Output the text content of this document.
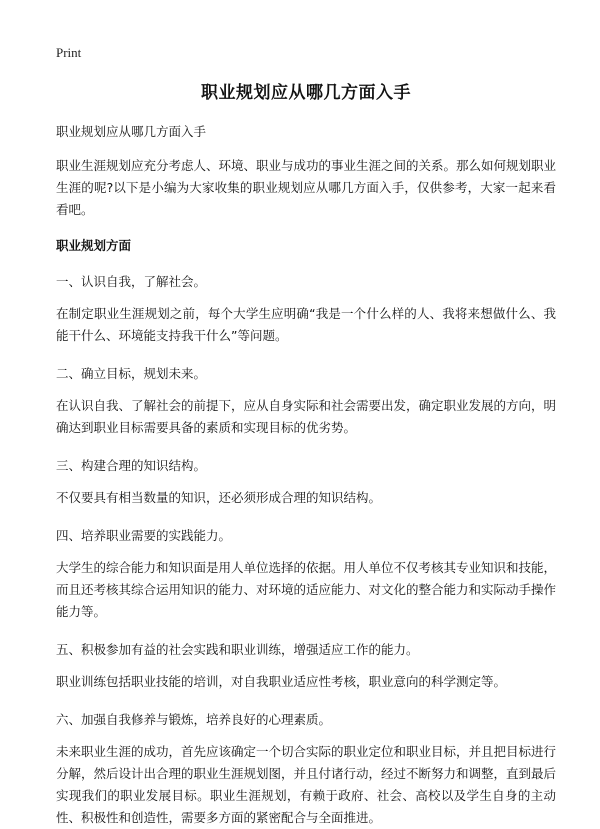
Print
职业规划应从哪几方面入手

职业规划应从哪几方面入手

职业生涯规划应充分考虑人、环境、职业与成功的事业生涯之间的关系。那么如何规划职业生涯的呢?以下是小编为大家收集的职业规划应从哪几方面入手，仅供参考，大家一起来看看吧。

职业规划方面

一、认识自我，了解社会。

在制定职业生涯规划之前，每个大学生应明确“我是一个什么样的人、我将来想做什么、我能干什么、环境能支持我干什么”等问题。

二、确立目标，规划未来。

在认识自我、了解社会的前提下，应从自身实际和社会需要出发，确定职业发展的方向，明确达到职业目标需要具备的素质和实现目标的优劣势。

三、构建合理的知识结构。

不仅要具有相当数量的知识，还必须形成合理的知识结构。

四、培养职业需要的实践能力。

大学生的综合能力和知识面是用人单位选择的依据。用人单位不仅考核其专业知识和技能，而且还考核其综合运用知识的能力、对环境的适应能力、对文化的整合能力和实际动手操作能力等。

五、积极参加有益的社会实践和职业训练，增强适应工作的能力。

职业训练包括职业技能的培训，对自我职业适应性考核，职业意向的科学测定等。

六、加强自我修养与锻炼，培养良好的心理素质。

未来职业生涯的成功，首先应该确定一个切合实际的职业定位和职业目标，并且把目标进行分解，然后设计出合理的职业生涯规划图，并且付诸行动，经过不断努力和调整，直到最后实现我们的职业发展目标。职业生涯规划，有赖于政府、社会、高校以及学生自身的主动性、积极性和创造性，需要多方面的紧密配合与全面推进。
